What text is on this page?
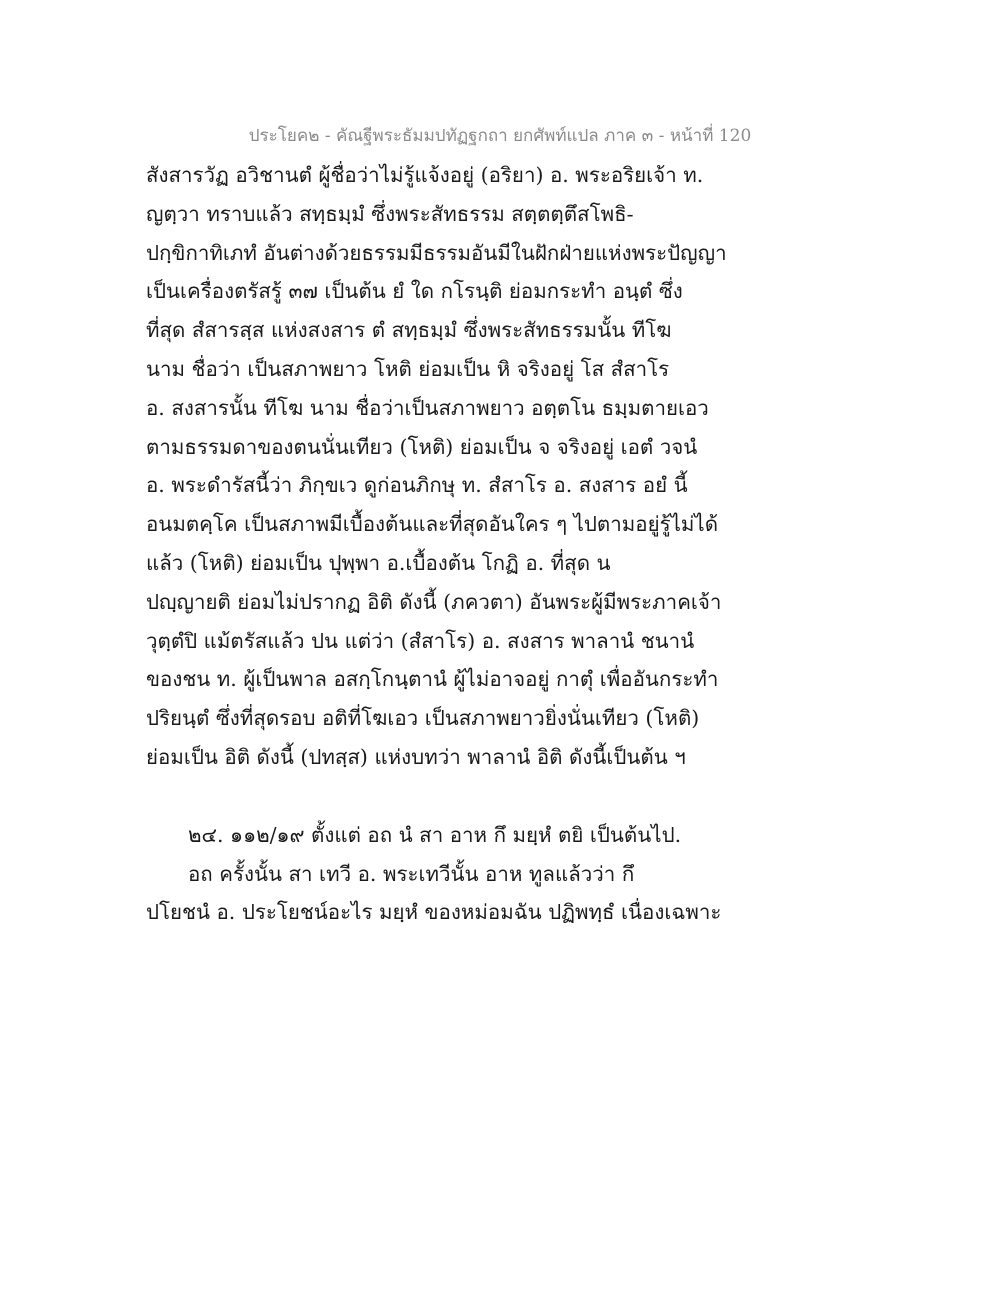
ประโยค๒ - คัณฐีพระธัมมปทัฏฐกถา ยกศัพท์แปล ภาค ๓ - หน้าที่ 120
สังสารวัฏ อวิชานตํ ผู้ชื่อว่าไม่รู้แจ้งอยู่ (อริยา) อ. พระอริยเจ้า ท.
ญตฺวา ทราบแล้ว สทฺธมฺมํ ซึ่งพระสัทธรรม สตฺตตฺตึสโพธิ-
ปกฺขิกาทิเภทํ อันต่างด้วยธรรมมีธรรมอันมีในฝักฝ่ายแห่งพระปัญญา
เป็นเครื่องตรัสรู้ ๓๗ เป็นต้น ยํ ใด กโรนฺติ ย่อมกระทำ อนฺตํ ซึ่ง
ที่สุด สํสารสฺส แห่งสงสาร ตํ สทฺธมฺมํ ซึ่งพระสัทธรรมนั้น ทีโฆ
นาม ชื่อว่า เป็นสภาพยาว โหติ ย่อมเป็น หิ จริงอยู่ โส สํสาโร
อ. สงสารนั้น ทีโฆ นาม ชื่อว่าเป็นสภาพยาว อตฺตโน ธมฺมตายเอว
ตามธรรมดาของตนนั่นเทียว (โหติ) ย่อมเป็น จ จริงอยู่ เอตํ วจนํ
อ. พระดำรัสนี้ว่า ภิกฺขเว ดูก่อนภิกษุ ท. สํสาโร อ. สงสาร อยํ นี้
อนมตคฺโค เป็นสภาพมีเบื้องต้นและที่สุดอันใคร ๆ ไปตามอยู่รู้ไม่ได้
แล้ว (โหติ) ย่อมเป็น ปุพฺพา อ.เบื้องต้น โกฏิ อ. ที่สุด น
ปญฺญายติ ย่อมไม่ปรากฏ อิติ ดังนี้ (ภควตา) อันพระผู้มีพระภาคเจ้า
วุตฺตํปิ แม้ตรัสแล้ว ปน แต่ว่า (สํสาโร) อ. สงสาร พาลานํ ชนานํ
ของชน ท. ผู้เป็นพาล อสกฺโกนฺตานํ ผู้ไม่อาจอยู่ กาตุํ เพื่ออันกระทำ
ปริยนฺตํ ซึ่งที่สุดรอบ อติที่โฆเอว เป็นสภาพยาวยิ่งนั่นเทียว (โหติ)
ย่อมเป็น อิติ ดังนี้ (ปทสฺส) แห่งบทว่า พาลานํ อิติ ดังนี้เป็นต้น ฯ
๒๔. ๑๑๒/๑๙ ตั้งแต่ อถ นํ สา อาห กึ มยฺหํ ตยิ เป็นต้นไป.
อถ ครั้งนั้น สา เทวี อ. พระเทวีนั้น อาห ทูลแล้วว่า กึ
ปโยชนํ อ. ประโยชน์อะไร มยฺหํ ของหม่อมฉัน ปฏิพทฺธํ เนื่องเฉพาะ
